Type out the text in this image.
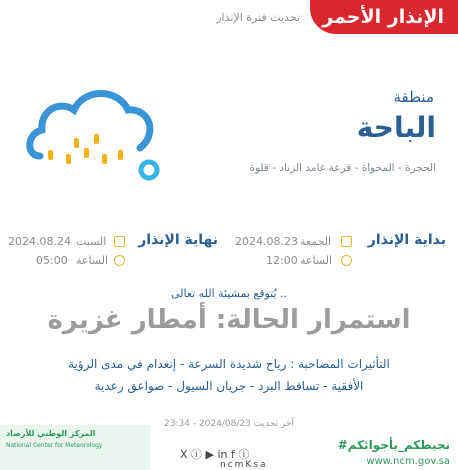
الإنذار الأحمر
تحديث فترة الإنذار
منطقة
الباحة
الحجرة - المخواة - قرعة غامد الزناد - قلوة
بداية الإنذار
الجمعة
2024.08.23
الساعة
12:00
نهاية الإنذار
السبت
2024.08.24
الساعة
05:00
يُتوقع بمشيئة الله تعالى ..
استمرار الحالة: أمطار غزيرة
التأثيرات المصاحبة : رياح شديدة السرعة - إنعدام في مدى الرؤية
الأفقية - تساقط البرد - جريان السيول - صواعق رعدية
آخر تحديث 2024/08/23 - 23:34
المركز الوطني للأرصاد
National Center for Meteorology
X ⓘ ▶ in f ⓘ
ncmKsa
#نحيطكم_بأجوائكم
www.ncm.gov.sa
